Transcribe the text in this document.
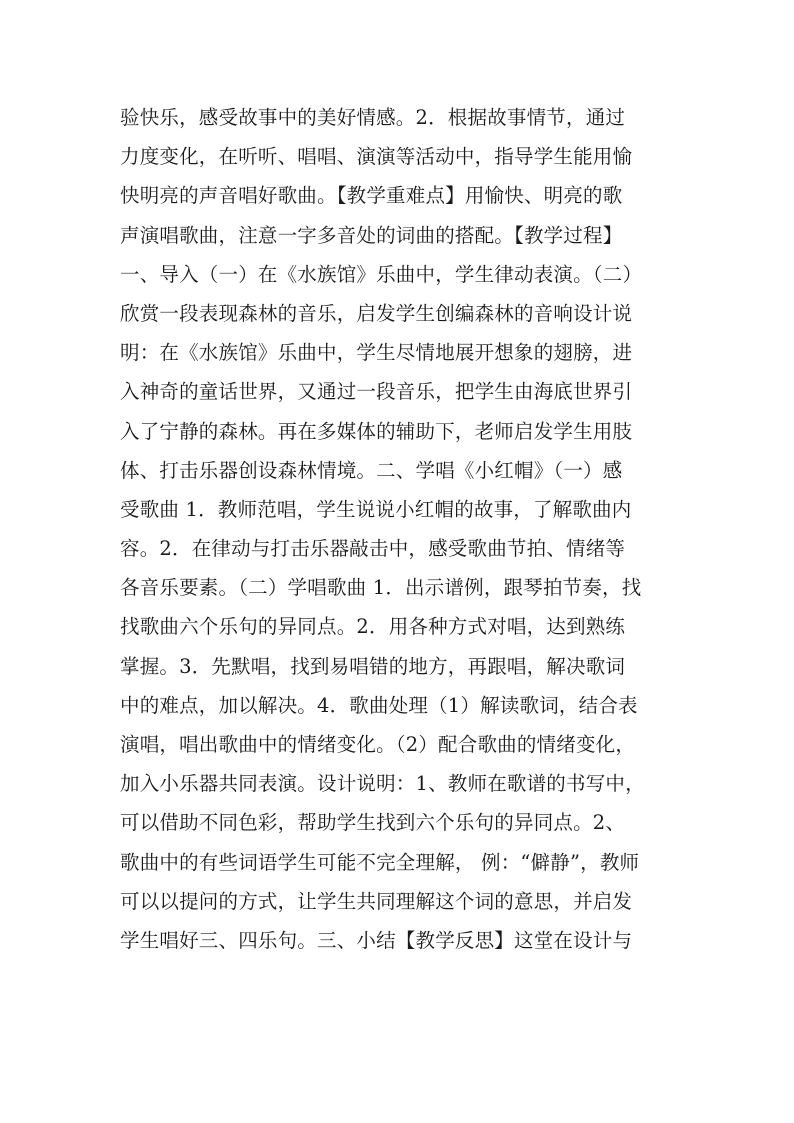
验快乐，感受故事中的美好情感。2．根据故事情节，通过
力度变化，在听听、唱唱、演演等活动中，指导学生能用愉
快明亮的声音唱好歌曲。【教学重难点】用愉快、明亮的歌
声演唱歌曲，注意一字多音处的词曲的搭配。【教学过程】
一、导入（一）在《水族馆》乐曲中，学生律动表演。（二）
欣赏一段表现森林的音乐，启发学生创编森林的音响设计说
明：在《水族馆》乐曲中，学生尽情地展开想象的翅膀，进
入神奇的童话世界，又通过一段音乐，把学生由海底世界引
入了宁静的森林。再在多媒体的辅助下，老师启发学生用肢
体、打击乐器创设森林情境。二、学唱《小红帽》（一）感
受歌曲 1．教师范唱，学生说说小红帽的故事，了解歌曲内
容。2．在律动与打击乐器敲击中，感受歌曲节拍、情绪等
各音乐要素。（二）学唱歌曲 1．出示谱例，跟琴拍节奏，找
找歌曲六个乐句的异同点。2．用各种方式对唱，达到熟练
掌握。3．先默唱，找到易唱错的地方，再跟唱，解决歌词
中的难点，加以解决。4．歌曲处理（1）解读歌词，结合表
演唱，唱出歌曲中的情绪变化。（2）配合歌曲的情绪变化，
加入小乐器共同表演。设计说明：1、教师在歌谱的书写中，
可以借助不同色彩，帮助学生找到六个乐句的异同点。2、
歌曲中的有些词语学生可能不完全理解， 例：“僻静”，教师
可以以提问的方式，让学生共同理解这个词的意思，并启发
学生唱好三、四乐句。三、小结【教学反思】这堂在设计与
